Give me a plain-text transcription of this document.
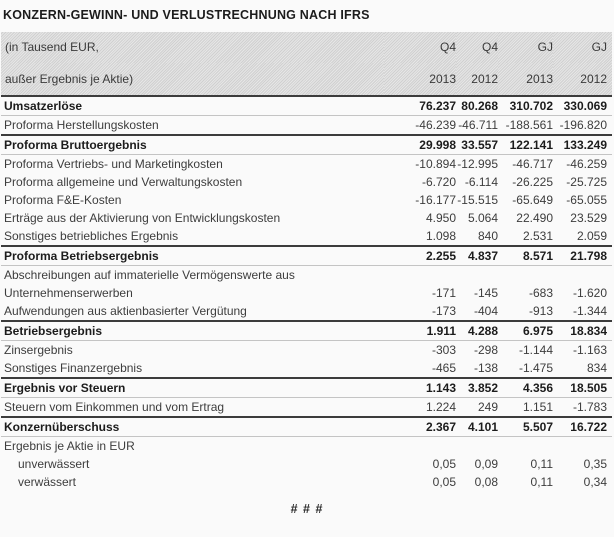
KONZERN-GEWINN- UND VERLUSTRECHNUNG NACH IFRS
(in Tausend EUR,	Q4	Q4	GJ	GJ
außer Ergebnis je Aktie)	2013	2012	2013	2012
Umsatzerlöse	76.237	80.268	310.702	330.069
Proforma Herstellungskosten	-46.239	-46.711	-188.561	-196.820
Proforma Bruttoergebnis	29.998	33.557	122.141	133.249
Proforma Vertriebs- und Marketingkosten	-10.894	-12.995	-46.717	-46.259
Proforma allgemeine und Verwaltungskosten	-6.720	-6.114	-26.225	-25.725
Proforma F&E-Kosten	-16.177	-15.515	-65.649	-65.055
Erträge aus der Aktivierung von Entwicklungskosten	4.950	5.064	22.490	23.529
Sonstiges betriebliches Ergebnis	1.098	840	2.531	2.059
Proforma Betriebsergebnis	2.255	4.837	8.571	21.798
Abschreibungen auf immaterielle Vermögenswerte aus				
Unternehmenserwerben	-171	-145	-683	-1.620
Aufwendungen aus aktienbasierter Vergütung	-173	-404	-913	-1.344
Betriebsergebnis	1.911	4.288	6.975	18.834
Zinsergebnis	-303	-298	-1.144	-1.163
Sonstiges Finanzergebnis	-465	-138	-1.475	834
Ergebnis vor Steuern	1.143	3.852	4.356	18.505
Steuern vom Einkommen und vom Ertrag	1.224	249	1.151	-1.783
Konzernüberschuss	2.367	4.101	5.507	16.722
Ergebnis je Aktie in EUR				
unverwässert	0,05	0,09	0,11	0,35
verwässert	0,05	0,08	0,11	0,34
# # #
